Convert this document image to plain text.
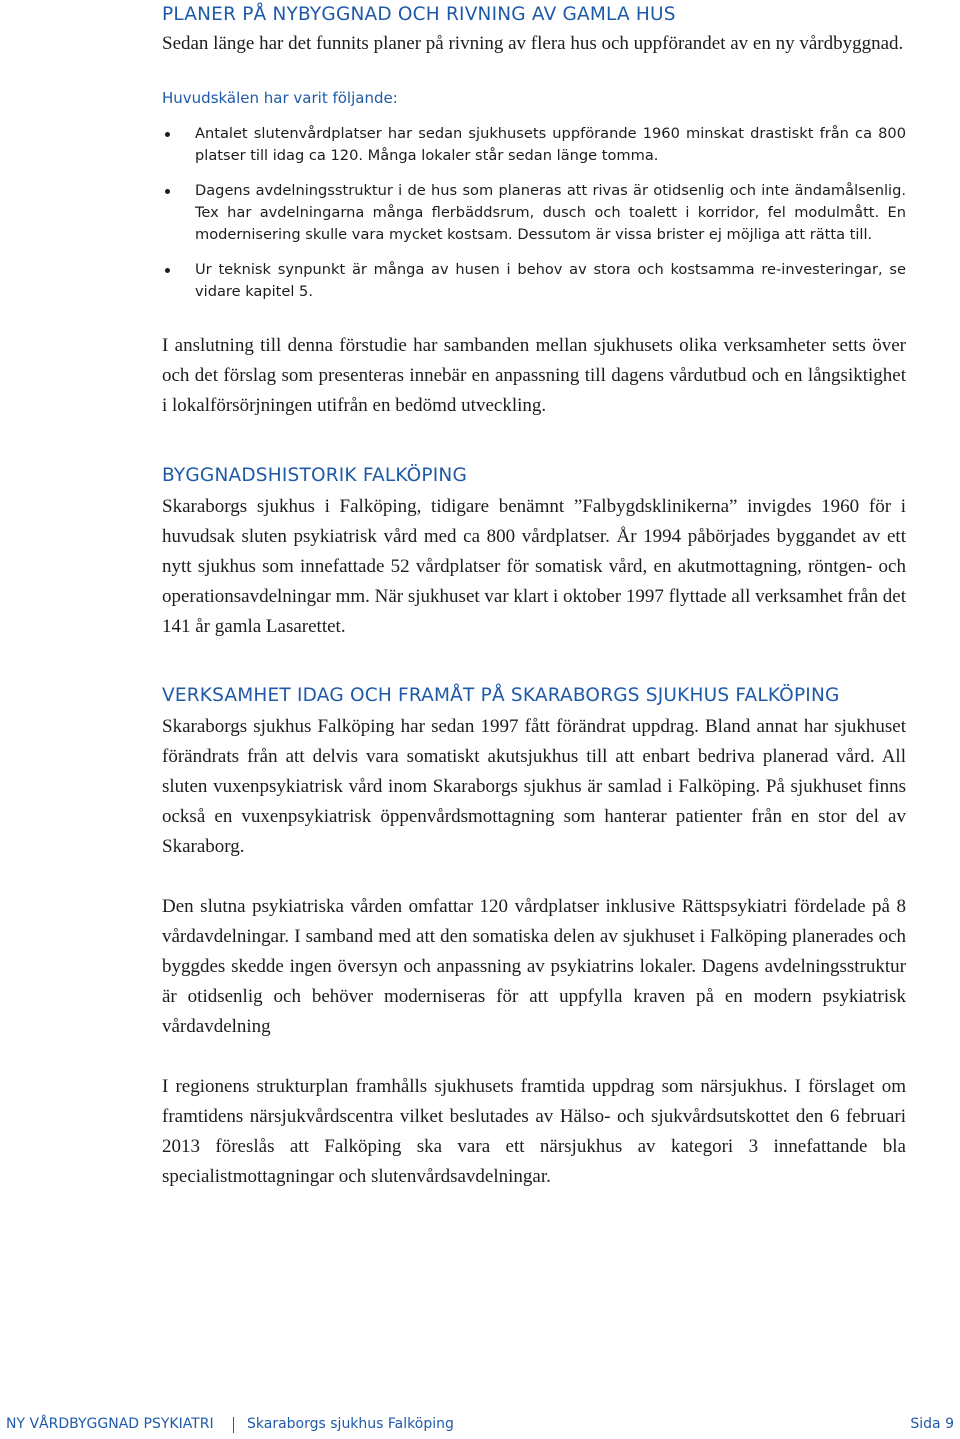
PLANER PÅ NYBYGGNAD OCH RIVNING AV GAMLA HUS

Sedan länge har det funnits planer på rivning av flera hus och uppförandet av en ny vårdbyggnad.

Huvudskälen har varit följande:

Antalet slutenvårdplatser har sedan sjukhusets uppförande 1960 minskat drastiskt från ca 800 platser till idag ca 120. Många lokaler står sedan länge tomma.
Dagens avdelningsstruktur i de hus som planeras att rivas är otidsenlig och inte ändamålsenlig. Tex har avdelningarna många flerbäddsrum, dusch och toalett i korridor, fel modulmått. En modernisering skulle vara mycket kostsam. Dessutom är vissa brister ej möjliga att rätta till.
Ur teknisk synpunkt är många av husen i behov av stora och kostsamma re-investeringar, se vidare kapitel 5.

I anslutning till denna förstudie har sambanden mellan sjukhusets olika verksamheter setts över och det förslag som presenteras innebär en anpassning till dagens vårdutbud och en långsiktighet i lokalförsörjningen utifrån en bedömd utveckling.

BYGGNADSHISTORIK FALKÖPING

Skaraborgs sjukhus i Falköping, tidigare benämnt ”Falbygdsklinikerna” invigdes 1960 för i huvudsak sluten psykiatrisk vård med ca 800 vårdplatser. År 1994 påbörjades byggandet av ett nytt sjukhus som innefattade 52 vårdplatser för somatisk vård, en akutmottagning, röntgen- och operationsavdelningar mm. När sjukhuset var klart i oktober 1997 flyttade all verksamhet från det 141 år gamla Lasarettet.

VERKSAMHET IDAG OCH FRAMÅT PÅ SKARABORGS SJUKHUS FALKÖPING

Skaraborgs sjukhus Falköping har sedan 1997 fått förändrat uppdrag. Bland annat har sjukhuset förändrats från att delvis vara somatiskt akutsjukhus till att enbart bedriva planerad vård. All sluten vuxenpsykiatrisk vård inom Skaraborgs sjukhus är samlad i Falköping. På sjukhuset finns också en vuxenpsykiatrisk öppenvårdsmottagning som hanterar patienter från en stor del av Skaraborg.

Den slutna psykiatriska vården omfattar 120 vårdplatser inklusive Rättspsykiatri fördelade på 8 vårdavdelningar. I samband med att den somatiska delen av sjukhuset i Falköping planerades och byggdes skedde ingen översyn och anpassning av psykiatrins lokaler. Dagens avdelningsstruktur är otidsenlig och behöver moderniseras för att uppfylla kraven på en modern psykiatrisk vårdavdelning

I regionens strukturplan framhålls sjukhusets framtida uppdrag som närsjukhus. I förslaget om framtidens närsjukvårdscentra vilket beslutades av Hälso- och sjukvårdsutskottet den 6 februari 2013 föreslås att Falköping ska vara ett närsjukhus av kategori 3 innefattande bla specialistmottagningar och slutenvårdsavdelningar.

NY VÅRDBYGGNAD PSYKIATRI Skaraborgs sjukhus Falköping	Sida 9
